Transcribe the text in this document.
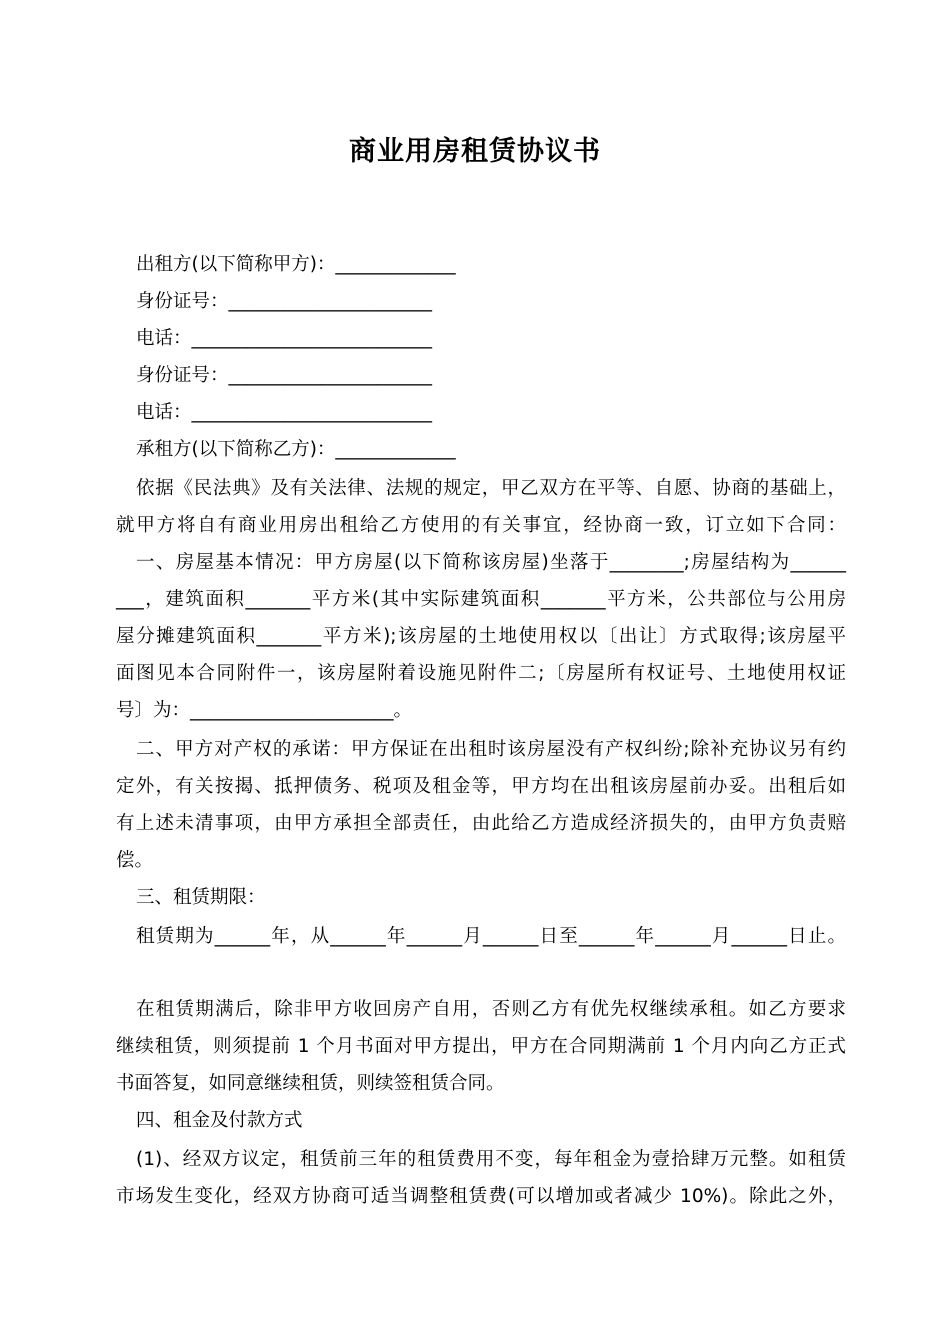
商业用房租赁协议书
出租方(以下简称甲方)：_____________
身份证号：______________________
电话：__________________________
身份证号：______________________
电话：__________________________
承租方(以下简称乙方)：_____________
依据《民法典》及有关法律、法规的规定，甲乙双方在平等、自愿、协商的基础上，
就甲方将自有商业用房出租给乙方使用的有关事宜，经协商一致，订立如下合同：
一、房屋基本情况：甲方房屋(以下简称该房屋)坐落于________;房屋结构为______
___，建筑面积_______平方米(其中实际建筑面积_______平方米，公共部位与公用房
屋分摊建筑面积_______平方米);该房屋的土地使用权以〔出让〕方式取得;该房屋平
面图见本合同附件一，该房屋附着设施见附件二;〔房屋所有权证号、土地使用权证
号〕为：______________________。
二、甲方对产权的承诺：甲方保证在出租时该房屋没有产权纠纷;除补充协议另有约
定外，有关按揭、抵押债务、税项及租金等，甲方均在出租该房屋前办妥。出租后如
有上述未清事项，由甲方承担全部责任，由此给乙方造成经济损失的，由甲方负责赔
偿。
三、租赁期限：
租赁期为______年，从______年______月______日至______年______月______日止。
在租赁期满后，除非甲方收回房产自用，否则乙方有优先权继续承租。如乙方要求
继续租赁，则须提前 1 个月书面对甲方提出，甲方在合同期满前 1 个月内向乙方正式
书面答复，如同意继续租赁，则续签租赁合同。
四、租金及付款方式
(1)、经双方议定，租赁前三年的租赁费用不变，每年租金为壹拾肆万元整。如租赁
市场发生变化，经双方协商可适当调整租赁费(可以增加或者减少 10%)。除此之外，
